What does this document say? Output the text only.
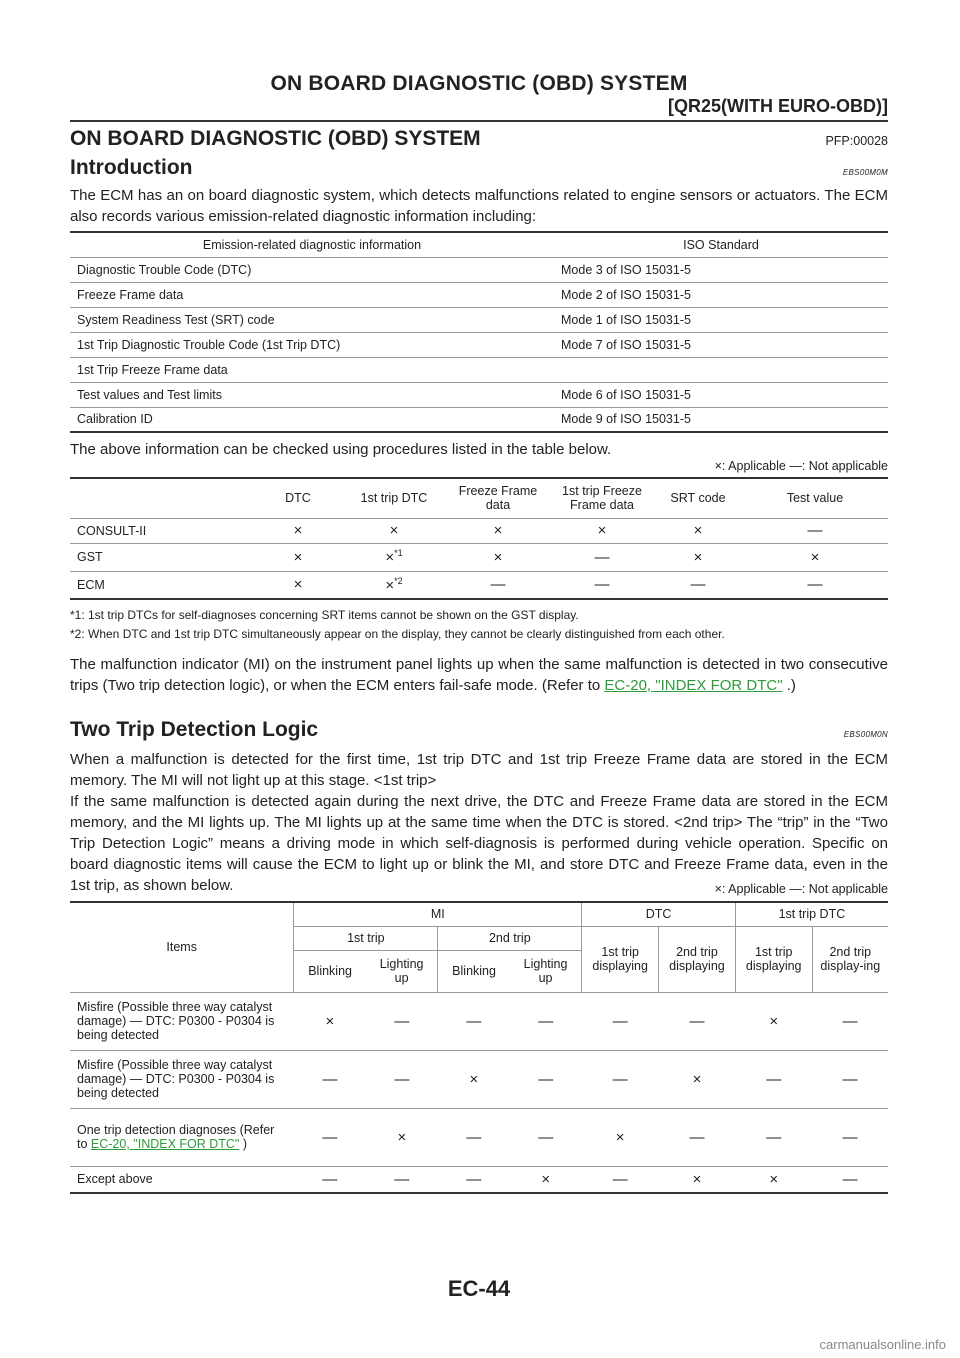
ON BOARD DIAGNOSTIC (OBD) SYSTEM
[QR25(WITH EURO-OBD)]
ON BOARD DIAGNOSTIC (OBD) SYSTEM	PFP:00028
Introduction	EBS00M0M

The ECM has an on board diagnostic system, which detects malfunctions related to engine sensors or actuators. The ECM also records various emission-related diagnostic information including:

Emission-related diagnostic information	ISO Standard
Diagnostic Trouble Code (DTC)	Mode 3 of ISO 15031-5
Freeze Frame data	Mode 2 of ISO 15031-5
System Readiness Test (SRT) code	Mode 1 of ISO 15031-5
1st Trip Diagnostic Trouble Code (1st Trip DTC)	Mode 7 of ISO 15031-5
1st Trip Freeze Frame data	
Test values and Test limits	Mode 6 of ISO 15031-5
Calibration ID	Mode 9 of ISO 15031-5

The above information can be checked using procedures listed in the table below.

×: Applicable —: Not applicable
	DTC	1st trip DTC	Freeze Frame data	1st trip Freeze Frame data	SRT code	Test value
CONSULT-II	×	×	×	×	×	—
GST	×	×$^{*1}$	×	—	×	×
ECM	×	×$^{*2}$	—	—	—	—
*1: 1st trip DTCs for self-diagnoses concerning SRT items cannot be shown on the GST display.
*2: When DTC and 1st trip DTC simultaneously appear on the display, they cannot be clearly distinguished from each other.

The malfunction indicator (MI) on the instrument panel lights up when the same malfunction is detected in two consecutive trips (Two trip detection logic), or when the ECM enters fail-safe mode. (Refer to EC-20, "INDEX FOR DTC" .)

Two Trip Detection Logic	EBS00M0N

When a malfunction is detected for the first time, 1st trip DTC and 1st trip Freeze Frame data are stored in the ECM memory. The MI will not light up at this stage. <1st trip>
If the same malfunction is detected again during the next drive, the DTC and Freeze Frame data are stored in the ECM memory, and the MI lights up. The MI lights up at the same time when the DTC is stored. <2nd trip> The “trip” in the “Two Trip Detection Logic” means a driving mode in which self-diagnosis is performed during vehicle operation. Specific on board diagnostic items will cause the ECM to light up or blink the MI, and store DTC and Freeze Frame data, even in the 1st trip, as shown below.	×: Applicable —: Not applicable
Items	MI				DTC		1st trip DTC	
	1st trip		2nd trip		1st trip displaying	2nd trip displaying	1st trip displaying	2nd trip display-ing
	Blinking	Lighting up	Blinking	Lighting up				
Misfire (Possible three way catalyst damage) — DTC: P0300 - P0304 is being detected	×	—	—	—	—	—	×	—
Misfire (Possible three way catalyst damage) — DTC: P0300 - P0304 is being detected	—	—	×	—	—	×	—	—
One trip detection diagnoses (Refer to EC-20, "INDEX FOR DTC" )	—	×	—	—	×	—	—	—
Except above	—	—	—	×	—	×	×	—
EC-44
carmanualsonline.info
